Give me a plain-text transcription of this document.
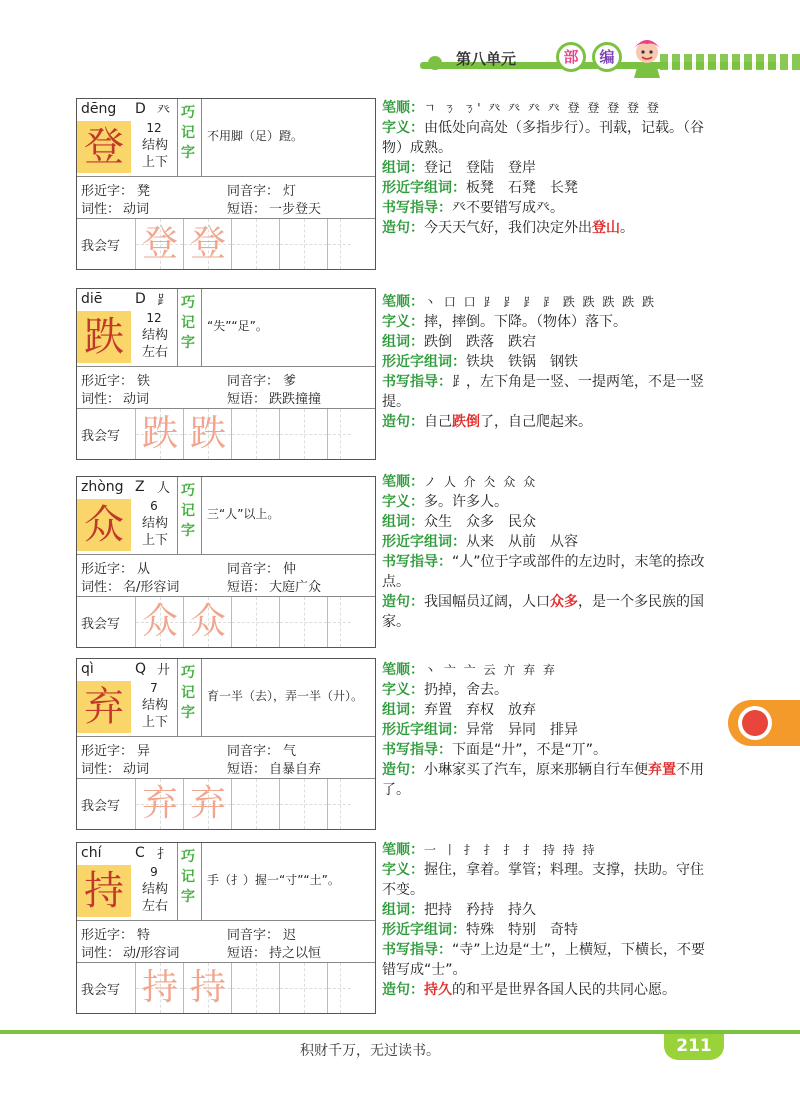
第八单元	部	编
dēng D 癶
登	12
结构
上下
巧
记
字
不用脚（足）蹬。
形近字： 凳	同音字： 灯
词性： 动词	短语： 一步登天
我会写 登 登

笔顺：ㄱ ㄋ ㄋ' 癶 癶 癶 癶 登 登 登 登 登

字义：由低处向高处（多指步行）。刊载，记载。（谷物）成熟。

组词：登记　登陆　登岸

形近字组词：板凳　石凳　长凳

书写指导：癶不要错写成癶。

造句：今天天气好，我们决定外出登山。

diē D ⻊
跌	12
结构
左右
巧
记
字
“失”“足”。
形近字： 铁	同音字： 爹
词性： 动词	短语： 跌跌撞撞
我会写 跌 跌

笔顺：丶 口 口 ⻊ ⻊ ⻊ ⻊ 跌 跌 跌 跌 跌

字义：摔，摔倒。下降。（物体）落下。

组词：跌倒　跌落　跌宕

形近字组词：铁块　铁锅　钢铁

书写指导：⻊，左下角是一竖、一提两笔，不是一竖提。

造句：自己跌倒了，自己爬起来。

zhòng Z 人
众	6
结构
上下
巧
记
字
三“人”以上。
形近字： 从	同音字： 仲
词性： 名/形容词	短语： 大庭广众
我会写 众 众

笔顺：ノ 人 介 仌 众 众

字义：多。许多人。

组词：众生　众多　民众

形近字组词：从来　从前　从容

书写指导：“人”位于字或部件的左边时，末笔的捺改点。

造句：我国幅员辽阔，人口众多，是一个多民族的国家。

qì	Q 廾
弃	7
结构
上下
巧
记
字
育一半（去），弄一半（廾）。
形近字： 异	同音字： 气
词性： 动词	短语： 自暴自弃
我会写 弃 弃

笔顺：丶 亠 亠 云 亣 弃 弃

字义：扔掉，舍去。

组词：弃置　弃权　放弃

形近字组词：异常　异同　排异

书写指导：下面是“廾”，不是“丌”。

造句：小琳家买了汽车，原来那辆自行车便弃置不用了。

chí C 扌
持	9
结构
左右
巧
记
字
手（扌）握一“寸”“土”。
形近字： 特	同音字： 迟
词性： 动/形容词	短语： 持之以恒
我会写 持 持

笔顺：一 丨 扌 扌 扌 扌 持 持 持

字义：握住，拿着。掌管；料理。支撑，扶助。守住不变。

组词：把持　矜持　持久

形近字组词：特殊　特别　奇特

书写指导：“寺”上边是“土”，上横短，下横长，不要错写成“士”。

造句：持久的和平是世界各国人民的共同心愿。

积财千万，无过读书。	211
